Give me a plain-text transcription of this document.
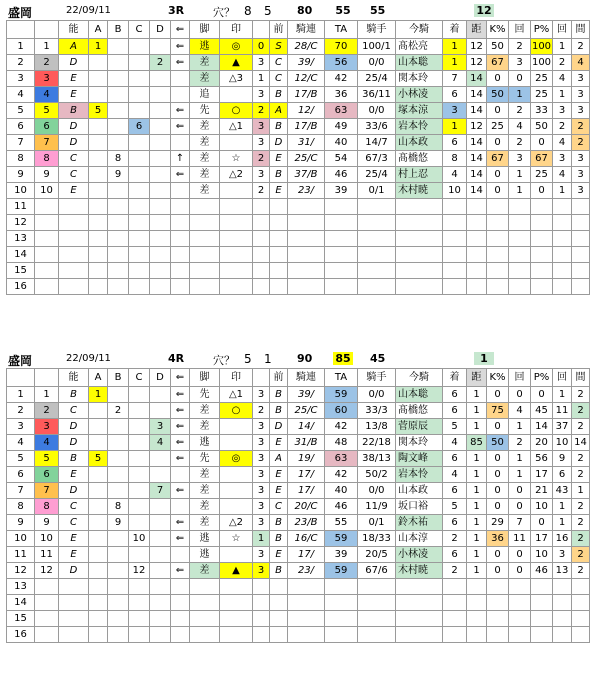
盛岡	22/09/11	3R	穴？ 8 5 80 55 55	12
		能	A	B	C	D	⇐	脚	印		前	騎連	TA	騎手	今騎	着	距	K%	回	P%	回	間
1	1	A	1				⇐	逃	◎	0	S	28/C	70	100/1	髙松亮	1	12	50	2	100	1	2
2	2	D				2	⇐	差	▲	3	C	39/	56	0/0	山本聡	1	12	67	3	100	2	4
3	3	E						差	△3	1	C	12/C	42	25/4	関本玲	7	14	0	0	25	4	3
4	4	E						追		3	B	17/B	36	36/11	小林凌	6	14	50	1	25	1	3
5	5	B	5				⇐	先	○	2	A	12/	63	0/0	塚本涼	3	14	0	2	33	3	3
6	6	D			6		⇐	差	△1	3	B	17/B	49	33/6	岩本怜	1	12	25	4	50	2	2
7	7	D						差		3	D	31/	40	14/7	山本政	6	14	0	2	0	4	2
8	8	C		8			↑	差	☆	2	E	25/C	54	67/3	髙橋悠	8	14	67	3	67	3	3
9	9	C		9			⇐	差	△2	3	B	37/B	46	25/4	村上忍	4	14	0	1	25	4	3
10	10	E						差		2	E	23/	39	0/1	木村暁	10	14	0	1	0	1	3
11																						
12																						
13																						
14																						
15																						
16																						
盛岡	22/09/11	4R	穴？ 5 1 90 85 45	1
		能	A	B	C	D	⇐	脚	印		前	騎連	TA	騎手	今騎	着	距	K%	回	P%	回	間
1	1	B	1				⇐	先	△1	3	B	39/	59	0/0	山本聡	6	1	0	0	0	1	2
2	2	C		2			⇐	差	○	2	B	25/C	60	33/3	髙橋悠	6	1	75	4	45	11	2
3	3	D				3	⇐	差		3	D	14/	42	13/8	菅原辰	5	1	0	1	14	37	2
4	4	D				4	⇐	逃		3	E	31/B	48	22/18	関本玲	4	85	50	2	20	10	14
5	5	B	5				⇐	先	◎	3	A	19/	63	38/13	陶文峰	6	1	0	1	56	9	2
6	6	E						差		3	E	17/	42	50/2	岩本怜	4	1	0	1	17	6	2
7	7	D				7	⇐	差		3	E	17/	40	0/0	山本政	6	1	0	0	21	43	1
8	8	C		8				差		3	C	20/C	46	11/9	坂口裕	5	1	0	0	10	1	2
9	9	C		9			⇐	差	△2	3	B	23/B	55	0/1	鈴木祐	6	1	29	7	0	1	2
10	10	E			10		⇐	逃	☆	1	B	16/C	59	18/33	山本淳	2	1	36	11	17	16	2
11	11	E						逃		3	E	17/	39	20/5	小林凌	6	1	0	0	10	3	2
12	12	D			12		⇐	差	▲	3	B	23/	59	67/6	木村暁	2	1	0	0	46	13	2
13																						
14																						
15																						
16																						
